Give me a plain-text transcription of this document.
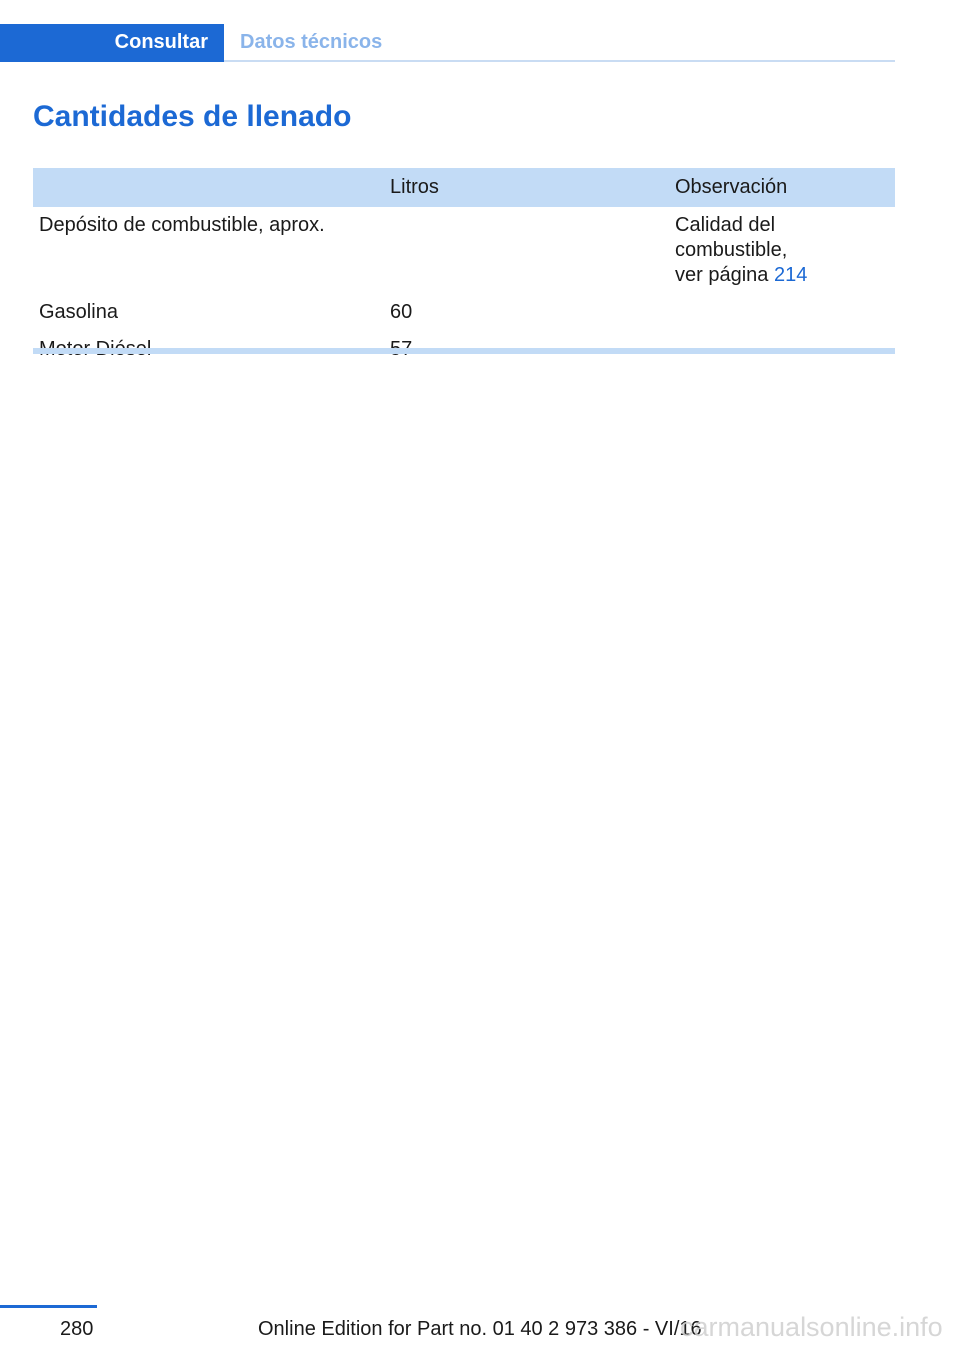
Consultar	Datos técnicos
Cantidades de llenado
	Litros	Observación
Depósito de combustible, aprox.		Calidad del combustible,
ver página 214
Gasolina	60	

280	Online Edition for Part no. 01 40 2 973 386 - VI/16
carmanualsonline.info
